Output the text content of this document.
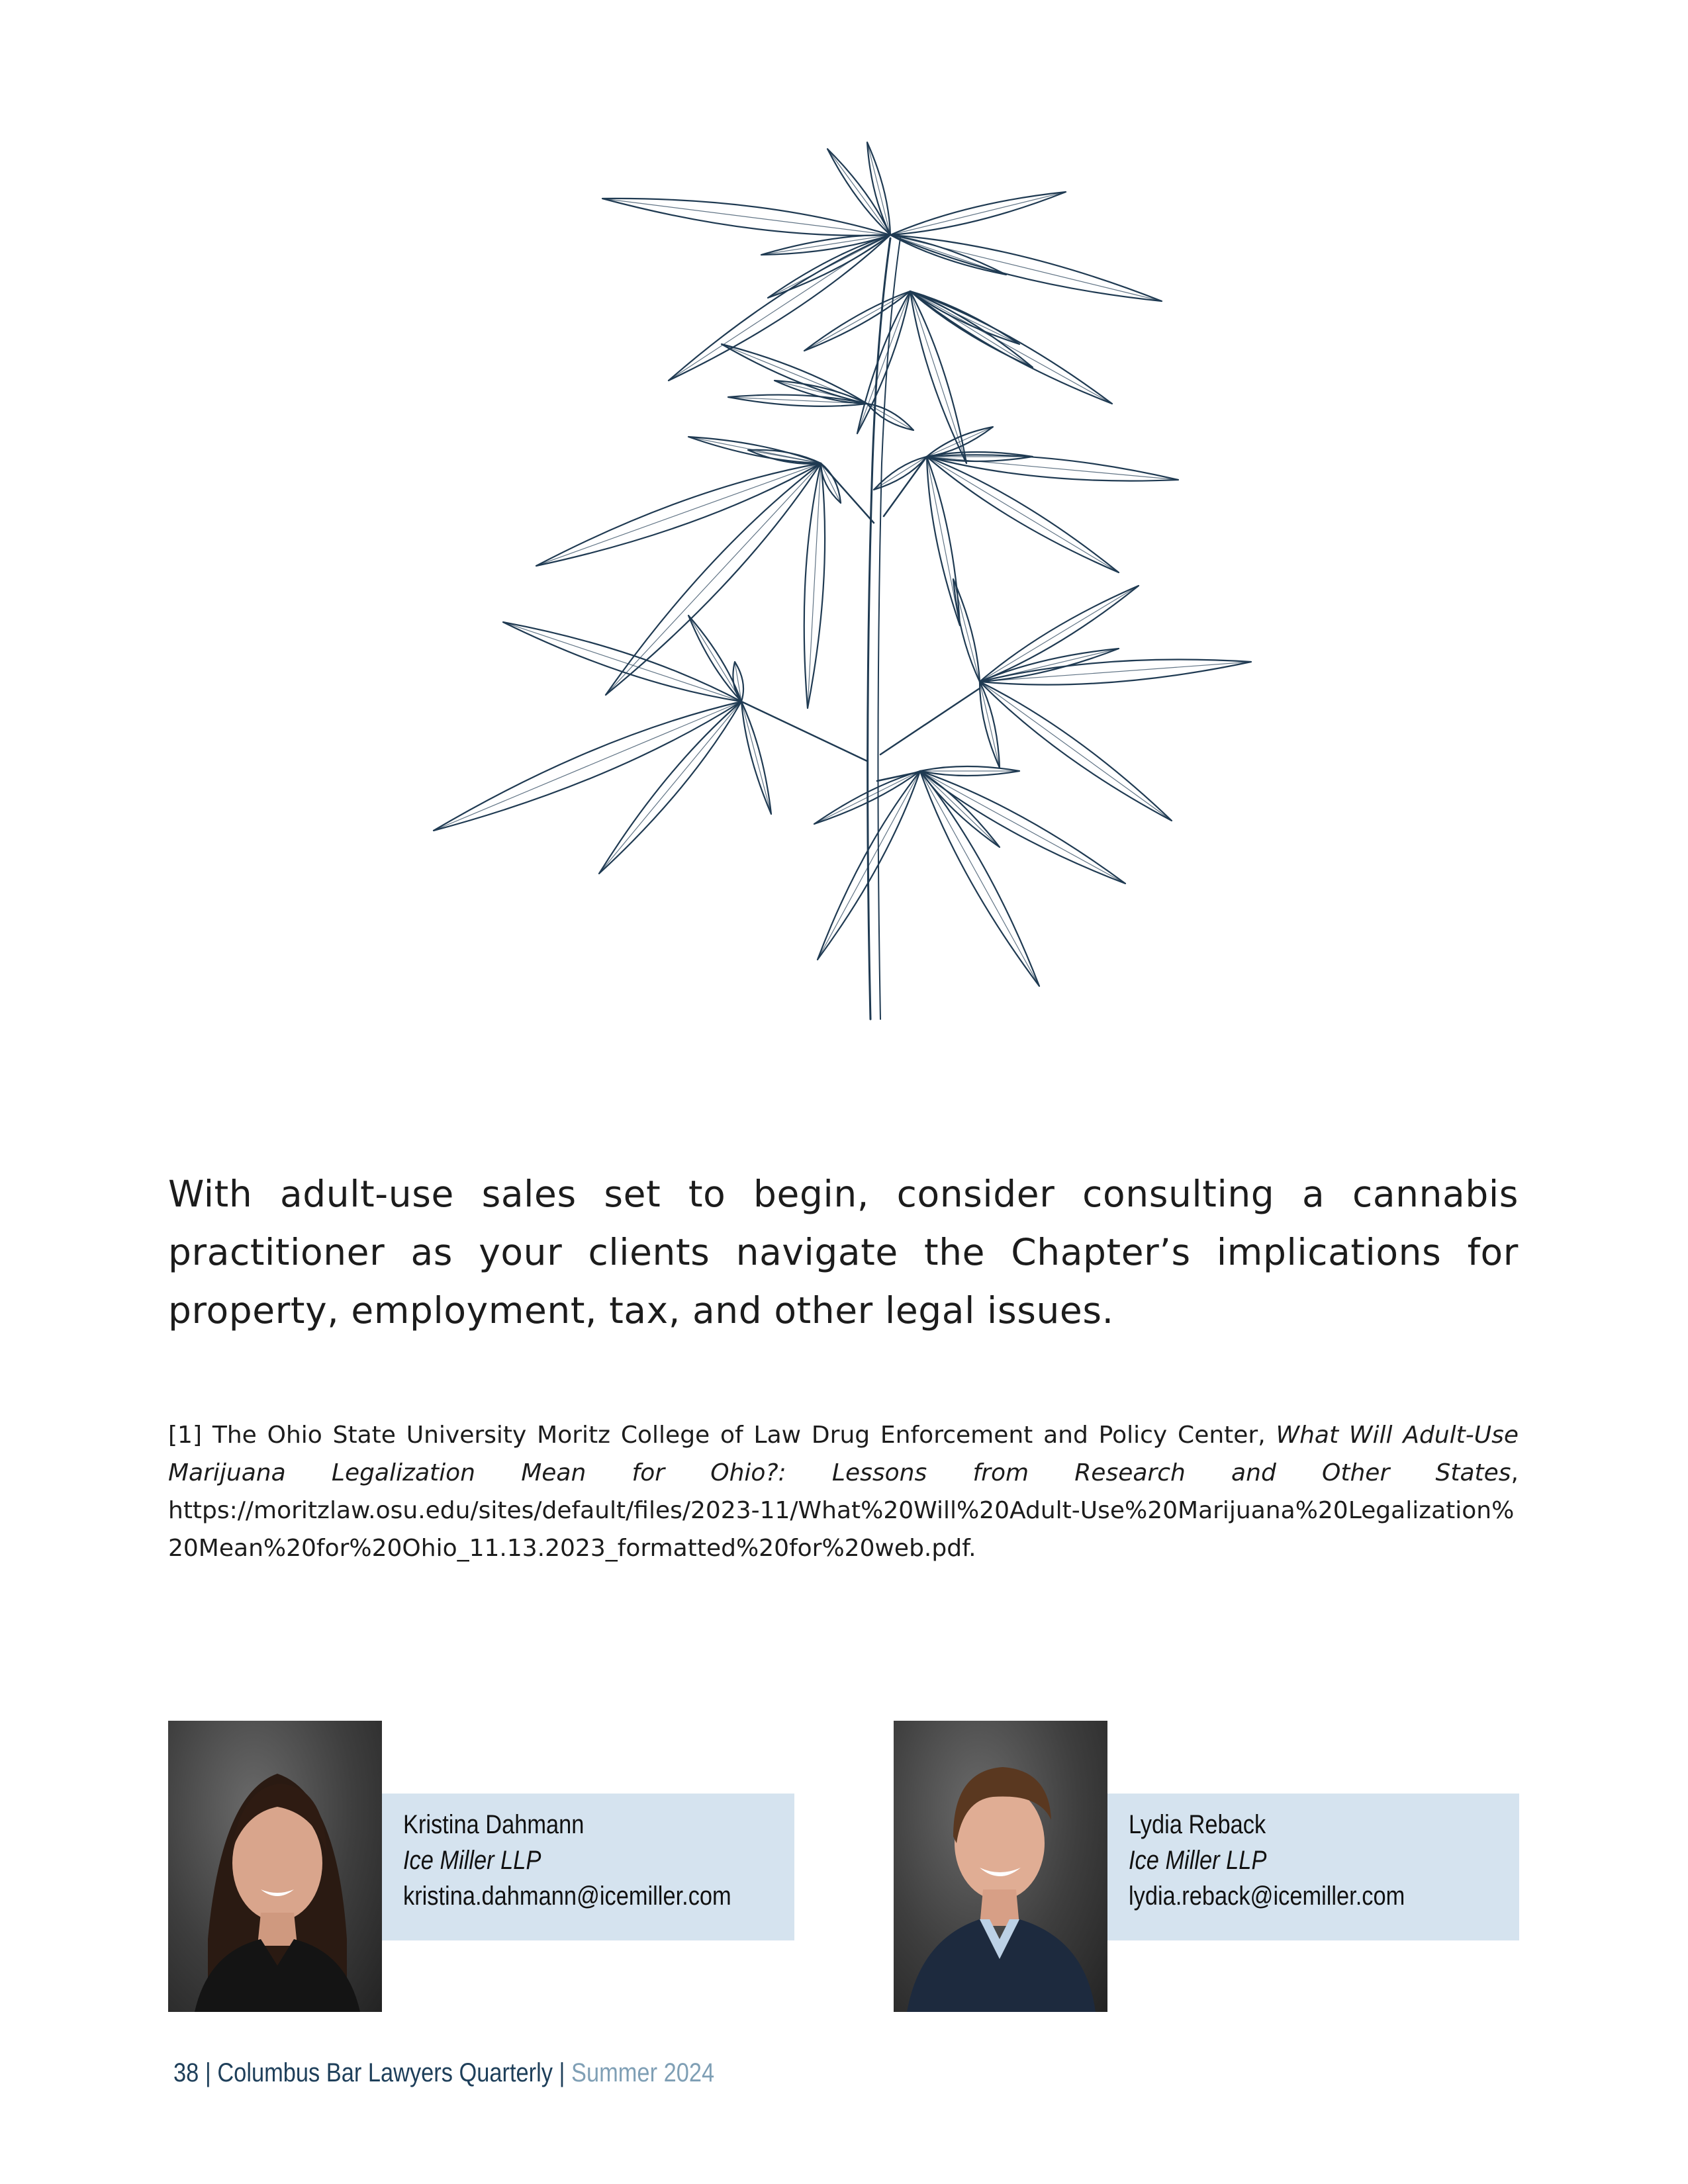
With adult-use sales set to begin, consider consulting a cannabis practitioner as your clients navigate the Chapter’s implications for property, employment, tax, and other legal issues.

[1] The Ohio State University Moritz College of Law Drug Enforcement and Policy Center, What Will Adult-Use Marijuana Legalization Mean for Ohio?: Lessons from Research and Other States,
https://moritzlaw.osu.edu/sites/default/files/2023-11/What%20Will%20Adult-Use%20Marijuana%20Legalization%20Mean%20for%20Ohio_11.13.2023_formatted%20for%20web.pdf.

Kristina Dahmann
Ice Miller LLP
kristina.dahmann@icemiller.com
Lydia Reback
Ice Miller LLP
lydia.reback@icemiller.com
38 | Columbus Bar Lawyers Quarterly | Summer 2024
